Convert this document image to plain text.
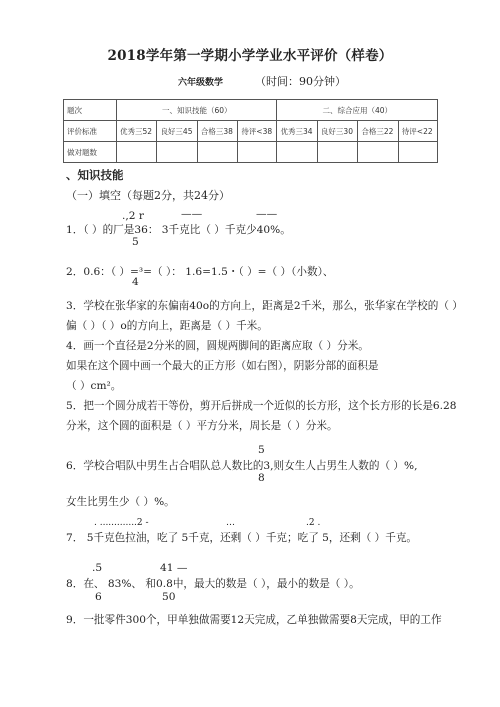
2018学年第一学期小学学业水平评价（样卷）
六年级数学	（时间：90分钟）
题次	一、知识技能（60）				二、综合应用（40）			
评价标准	优秀三52	良好三45	合格三38	待评<38	优秀三34	良好三30	合格三22	待评<22
做对题数								
、知识技能
（一）填空（每题2分，共24分）
.,2 r	——	——
1．（ ）的厂是36： 3千克比（ ）千克少40%。
5
2．0.6：（ ）=³=（ ）： 1.6=1.5・（ ）=（ ）（小数）、
4
3．学校在张华家的东偏南40o的方向上，距离是2千米，那么，张华家在学校的（ ）
偏（ ）（ ）o的方向上，距离是（ ）千米。
4．画一个直径是2分米的圆，圆规两脚间的距离应取（ ）分米。
如果在这个圆中画一个最大的正方形（如右图），阴影分部的面积是
（ ）cm²。
5．把一个圆分成若干等份，剪开后拼成一个近似的长方形，这个长方形的长是6.28
分米，这个圆的面积是（ ）平方分米，周长是（ ）分米。
5
6．学校合唱队中男生占合唱队总人数比的3,则女生人占男生人数的（ ）%,
8
女生比男生少（ ）%。
. .............2 -	…	.2 .
7． 5千克色拉油，吃了 5千克，还剩（ ）千克；吃了 5，还剩（ ）千克。
.5	41 —
8．在、 83%、 和0.8中，最大的数是（ ），最小的数是（ ）。
6	50
9．一批零件300个，甲单独做需要12天完成，乙单独做需要8天完成，甲的工作
